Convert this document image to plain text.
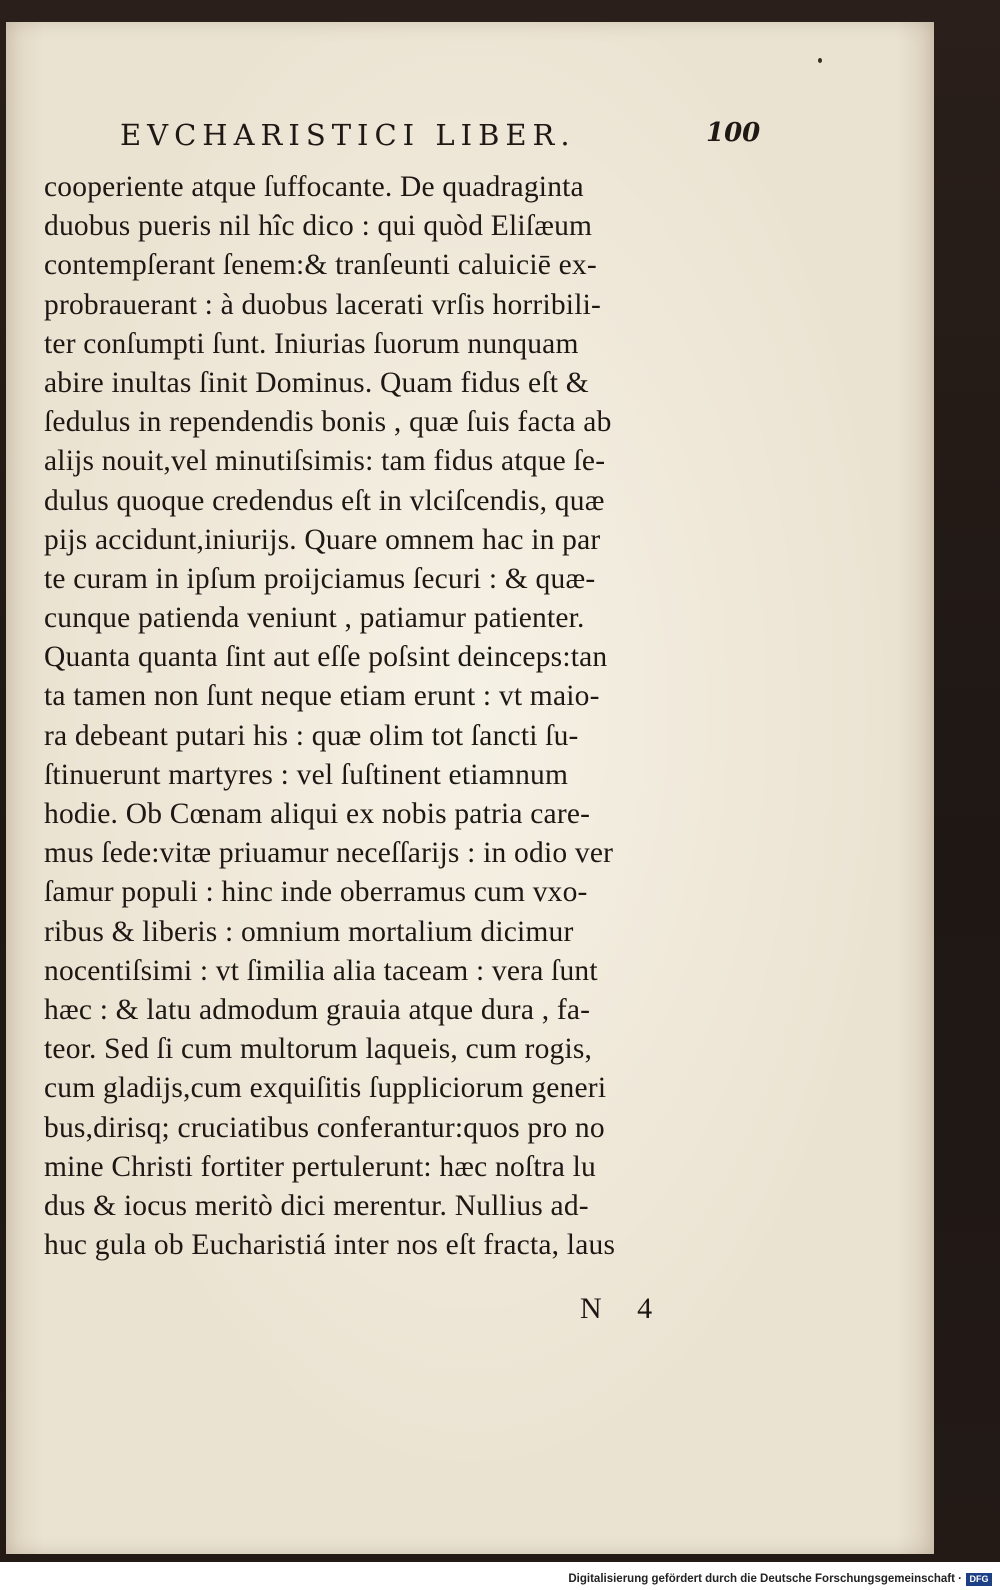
EVCHARISTICI LIBER.	100
cooperiente atque ſuffocante. De quadraginta
duobus pueris nil hîc dico : qui quòd Eliſæum
contempſerant ſenem:& tranſeunti caluiciē ex-
probrauerant : à duobus lacerati vrſis horribili-
ter conſumpti ſunt. Iniurias ſuorum nunquam
abire inultas ſinit Dominus. Quam fidus eſt &
ſedulus in rependendis bonis , quæ ſuis facta ab
alijs nouit,vel minutiſsimis: tam fidus atque ſe-
dulus quoque credendus eſt in vlciſcendis, quæ
pijs accidunt,iniurijs. Quare omnem hac in par
te curam in ipſum proijciamus ſecuri : & quæ-
cunque patienda veniunt , patiamur patienter.
Quanta quanta ſint aut eſſe poſsint deinceps:tan
ta tamen non ſunt neque etiam erunt : vt maio-
ra debeant putari his : quæ olim tot ſancti ſu-
ſtinuerunt martyres : vel ſuſtinent etiamnum
hodie. Ob Cœnam aliqui ex nobis patria care-
mus ſede:vitæ priuamur neceſſarijs : in odio ver
ſamur populi : hinc inde oberramus cum vxo-
ribus & liberis : omnium mortalium dicimur
nocentiſsimi : vt ſimilia alia taceam : vera ſunt
hæc : & latu admodum grauia atque dura , fa-
teor. Sed ſi cum multorum laqueis, cum rogis,
cum gladijs,cum exquiſitis ſuppliciorum generi
bus,dirisq; cruciatibus conferantur:quos pro no
mine Christi fortiter pertulerunt: hæc noſtra lu
dus & iocus meritò dici merentur. Nullius ad-
huc gula ob Eucharistiá inter nos eſt fracta, laus
N 4
Digitalisierung gefördert durch die Deutsche Forschungsgemeinschaft · DFG
